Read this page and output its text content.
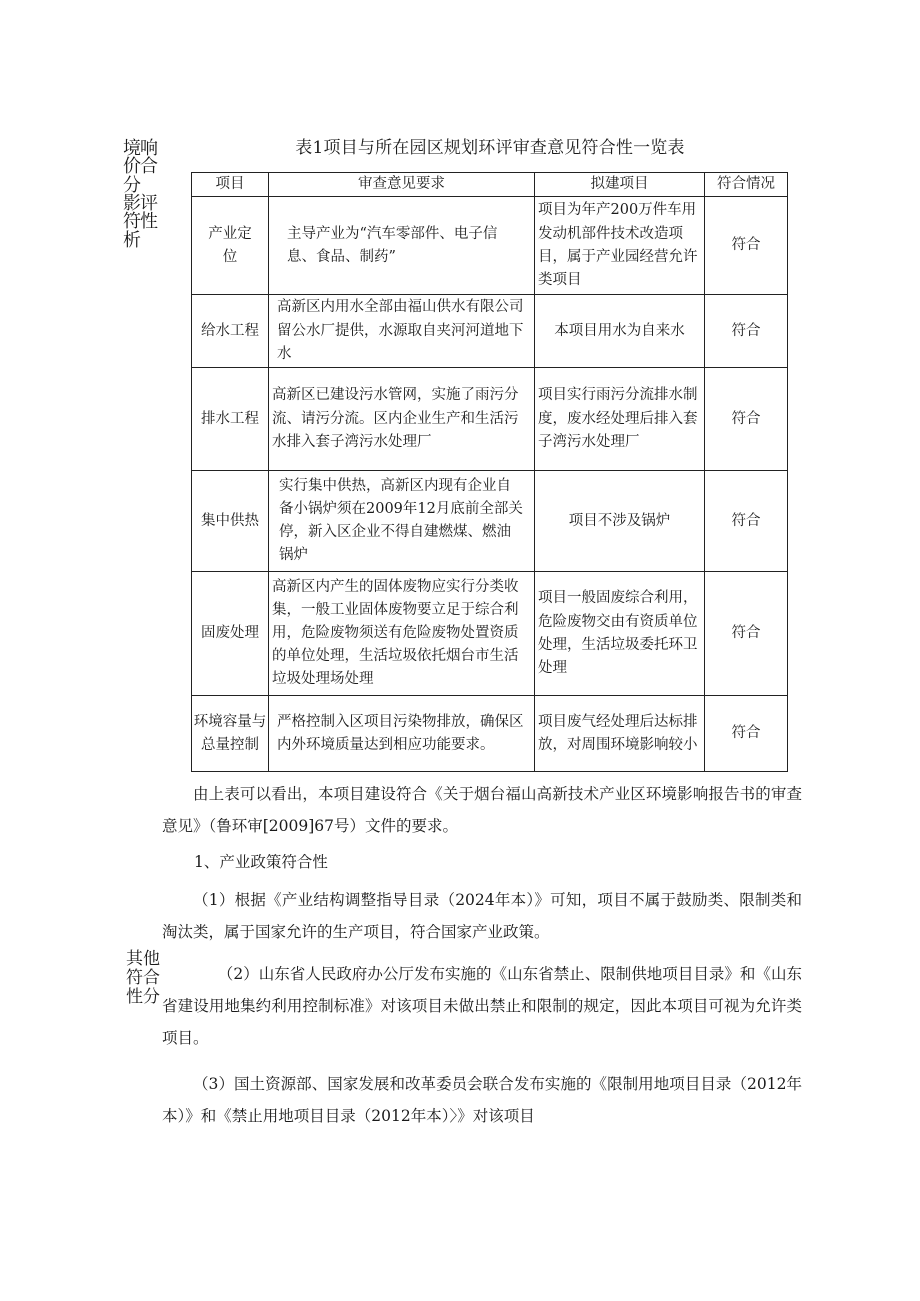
境响价合分
影评符性析
表1项目与所在园区规划环评审查意见符合性一览表
项目	审查意见要求	拟建项目	符合情况
产业定位	主导产业为“汽车零部件、电子信息、食品、制药”	项目为年产200万件车用发动机部件技术改造项目，属于产业园经营允许类项目	符合
给水工程	高新区内用水全部由福山供水有限公司留公水厂提供，水源取自夹河河道地下水	本项目用水为自来水	符合
排水工程	高新区已建设污水管网，实施了雨污分流、请污分流。区内企业生产和生活污水排入套子湾污水处理厂	项目实行雨污分流排水制度，废水经处理后排入套子湾污水处理厂	符合
集中供热	实行集中供热，高新区内现有企业自备小锅炉须在2009年12月底前全部关停，新入区企业不得自建燃煤、燃油锅炉	项目不涉及锅炉	符合
固废处理	高新区内产生的固体废物应实行分类收集，一般工业固体废物要立足于综合利用，危险废物须送有危险废物处置资质的单位处理，生活垃圾依托烟台市生活垃圾处理场处理	项目一般固废综合利用，危险废物交由有资质单位处理，生活垃圾委托环卫处理	符合
环境容量与总量控制	严格控制入区项目污染物排放，确保区内外环境质量达到相应功能要求。	项目废气经处理后达标排放，对周围环境影响较小	符合
由上表可以看出，本项目建设符合《关于烟台福山高新技术产业区环境影响报告书的审查意见》（鲁环审[2009]67号）文件的要求。
1、产业政策符合性
（1）根据《产业结构调整指导目录（2024年本）》可知，项目不属于鼓励类、限制类和淘汰类，属于国家允许的生产项目，符合国家产业政策。
其他
符合
性分
（2）山东省人民政府办公厅发布实施的《山东省禁止、限制供地项目目录》和《山东省建设用地集约利用控制标准》对该项目未做出禁止和限制的规定，因此本项目可视为允许类项目。
（3）国土资源部、国家发展和改革委员会联合发布实施的《限制用地项目目录（2012年本）》和《禁止用地项目目录（2012年本）〉》对该项目
